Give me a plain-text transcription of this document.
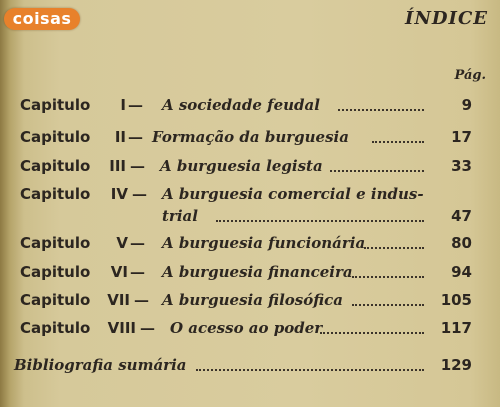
coisas	ÍNDICE
Pág.
Capitulo	I — A sociedade feudal	9
Capitulo	II — Formação da burguesia	17
Capitulo	III — A burguesia legista	33
Capitulo	IV — A burguesia comercial e indus-
trial	47
Capitulo	V — A burguesia funcionária	80
Capitulo	VI — A burguesia financeira	94
Capitulo	VII — A burguesia filosófica	105
Capitulo	VIII — O acesso ao poder	117
Bibliografia sumária	129
